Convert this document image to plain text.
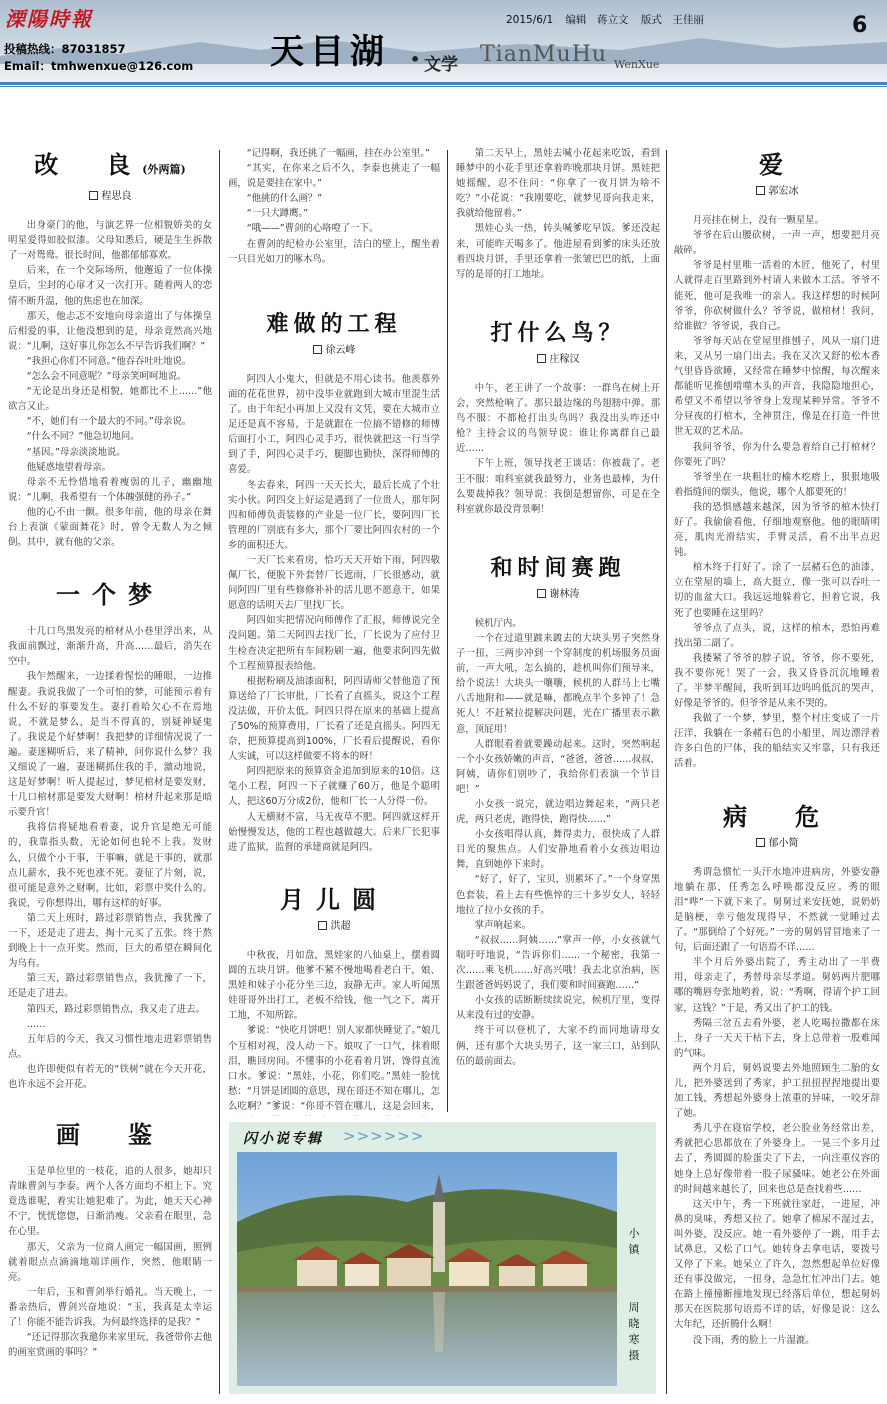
溧陽時報
投稿热线：87031857
Email：tmhwenxue@126.com
2015/6/1 编辑　蒋立文 版式　王佳丽	6
天目湖 • 文学 TianMuHu WenXue
改　良(外两篇)
程思良

出身豪门的他，与演艺界一位相貌娇美的女明星爱得如胶似漆。父母知悉后，硬是生生拆散了一对鸳鸯。很长时间，他都郁郁寡欢。

后来，在一个交际场所，他邂逅了一位体操皇后，尘封的心扉才又一次打开。随着两人的恋情不断升温，他的焦虑也在加深。

那天，他忐忑不安地向母亲道出了与体操皇后相爱的事，让他没想到的是，母亲竟然高兴地说：“儿啊，这好事儿你怎么不早告诉我们啊？”

“我担心你们不同意。”他吞吞吐吐地说。

“怎么会不同意呢？”母亲笑呵呵地说。

“无论是出身还是相貌，她都比不上……”他欲言又止。

“不，她们有一个最大的不同。”母亲说。

“什么不同？”他急切地问。

“基因。”母亲淡淡地说。

他疑惑地望着母亲。

母亲不无怜惜地看着瘦弱的儿子，幽幽地说：“儿啊，我希望有一个体魄强健的孙子。”

他的心不由一颤。很多年前，他的母亲在舞台上表演《蒙面舞花》时，曾令无数人为之倾倒。其中，就有他的父亲。

一个梦

十几口鸟黑发亮的棺材从小巷里浮出来，从我面前飘过，渐渐升高，升高……最后，消失在空中。

我乍然醒来，一边揉着惺忪的睡眼，一边推醒妻。我说我做了一个可怕的梦，可能预示着有什么不好的事要发生。妻打着哈欠心不在焉地说，不就是梦么，是当不得真的，别疑神疑鬼了。我说是个好梦啊！我把梦的详细情况说了一遍。妻迷糊听后，来了精神，问你说什么梦？我又细说了一遍，妻迷糊抓住我的手，激动地说，这是好梦啊！听人提起过，梦见棺材是要发财，十几口棺材那是要发大财啊！棺材升起来那是暗示要升官！

我将信将疑地看着妻，说升官是绝无可能的，我靠指头数，无论如何也轮不上我。发财么，只做个小干事，干事嘛，就是干事的，就那点儿薪水，我不死也涨不死。妻征了片刻，说，很可能是意外之财啊，比如，彩票中奖什么的。我说，亏你想得出，哪有这样的好事。

第二天上班时，路过彩票销售点，我犹豫了一下，还是走了进去，掏十元买了五张。终于熬到晚上十一点开奖。然而，巨大的希望在瞬间化为乌有。

第三天，路过彩票销售点，我犹豫了一下，还是走了进去。

第四天，路过彩票销售点，我又走了进去。

……

五年后的今天，我又习惯性地走进彩票销售点。

也许即便似有若无的“铁树”就在今天开花，也许永远不会开花。

画　鉴

玉是单位里的一枝花，追的人很多，她却只青睐曹剑与李泰。两个人各方面均不相上下。究竟选谁呢，着实让她犯难了。为此，她天天心神不宁，恍恍惚惚，日渐消瘦。父亲看在眼里，急在心里。

那天，父亲为一位商人画完一幅国画，照例就着眼点点滴滴地端详画作，突然，他眼睛一亮。

一年后，玉和曹剑举行婚礼。当天晚上，一番亲热后，曹剑兴奋地说：“玉，我真是太幸运了！你能不能告诉我，为何最终选择的是我？”

“还记得那次我邀你来家里玩，我爸带你去他的画室赏画的事吗？”

“记得啊，我还挑了一幅画，挂在办公室里。”

“其实，在你来之后不久，李泰也挑走了一幅画，说是要挂在家中。”

“他挑的什么画？”

“一只大蹲鹰。”

“哦——”曹剑的心咯噔了一下。

在曹剑的纪检办公室里，洁白的壁上，醒坐着一只目光如刀的啄木鸟。

难做的工程
徐云峰

阿四人小鬼大，但就是不用心读书。他羡慕外面的花花世界，初中没毕业就跑到大城市里混生活了。由于年纪小再加上又没有文凭，要在大城市立足还是真不容易，于是就跟在一位搞不错修的师傅后面打小工，阿四心灵手巧，很快就把这一行当学到了手，阿四心灵手巧，腿脚也勤快，深得师傅的喜爱。

冬去春来，阿四一天天长大，最后长成了个壮实小伙。阿四交上好运是遇到了一位贵人，那年阿四和师傅负责装修的产业是一位厂长，要阿四厂长管理的厂别底有多大，那个厂要比阿四农村的一个乡的面积还大。

一天厂长来看房，恰巧天天开始下雨，阿四敬佩厂长，便脱下外套替厂长遮雨，厂长很感动，就问阿四厂里有些修修补补的活儿愿不愿意干，如果愿意的话明天去厂里找厂长。

阿四如实把情况向师傅作了汇报，师傅说完全没问题。第二天阿四去找厂长，厂长说为了应付卫生检查决定把所有车间粉刷一遍，他要求阿四先做个工程预算报表给他。

根据粉刷及油漆面积，阿四请师父替他造了预算送给了厂长审批，厂长看了直摇头，说这个工程没法做，开价太低。阿四只得在原来的基础上提高了50%的预算费用，厂长看了还是直摇头。阿四无奈，把预算提高到100%，厂长看后提醒说，看你人实诚，可以这样做要不将本的呀！

阿四把原来的预算资金追加到原来的10倍。这笔小工程，阿四一下子就赚了60万，他是个聪明人，把这60万分成2份，他和厂长一人分得一份。

人无横财不富，马无夜草不肥。阿四就这样开始慢慢发达，他的工程也越做越大。后来厂长犯事进了监狱，监督的承建商就是阿四。

月儿圆
洪超

中秋夜，月如盘，黑娃家的八仙桌上，摆着圆圆的五块月饼。他爹不紧不慢地喝着老白干，娘、黑娃和妹子小花分坐三边，寂静无声。家人听闻黑娃哥哥外出打工，老板不给钱，他一气之下，离开工地，不知所踪。

爹说：“快吃月饼吧！别人家都快睡觉了。”娘几个互相对视，没人动一下。娘叹了一口气，抹着眼泪，瞧回房间。不懂事的小花看着月饼，馋得直流口水。爹说：“黑娃，小花，你们吃。”黑娃一脸忧愁：“月饼是团圆的意思，现在哥还不知在哪儿，怎么吃啊？”爹说：“你哥不管在哪儿，这是会回来，

第二天早上，黑娃去喊小花起来吃饭，看到睡梦中的小花手里还拿着昨晚那块月饼。黑娃把她摇醒，忍不住问：“你拿了一夜月饼为啥不吃？”小花说：“我刚要吃，就梦见哥向我走来，我就给他留着。”

黑娃心头一热，转头喊爹吃早饭。爹还没起来，可能昨天喝多了。他进屋看到爹的床头还放着四块月饼，手里还拿着一张皱巴巴的纸，上面写的是哥的打工地址。

打什么鸟？
庄稼汉

中午，老王讲了一个故事：一群鸟在树上开会，突然枪响了。那只最边缘的鸟翅膀中弹。那鸟不服：不都枪打出头鸟吗？我没出头咋还中枪？主持会议的鸟领导说：谁让你离群自己最近……

下午上班，领导找老王谈话：你被裁了。老王不服：咱科室就我最努力，业务也最棒，为什么要裁掉我？领导说：我倒是想留你，可是在全科室就你最没背景啊！

和时间赛跑
谢林涛

候机厅内。

一个在过道里踱来踱去的大块头男子突然身子一扭，三两步冲到一个穿制度的机场服务员面前，一声大吼，怎么搞的，趁机叫你们预导来，给个说法！大块头一嚷嚷，候机的人群马上七嘴八舌地附和——就是嘛，都晚点半个多钟了！急死人！不赶紧拉提解决问题，光在广播里表示歉意，顶屁用！

人群眼看着就要躁动起来。这时，突然响起一个小女孩娇嫩的声音，“爸爸，爸爸……叔叔，阿姨，请你们别吵了，我给你们表演一个节目吧！”

小女孩一说完，就边唱边舞起来，“两只老虎，两只老虎，跑得快，跑得快……”

小女孩唱得认真，舞得卖力，很快成了人群目光的聚焦点。人们安静地看着小女孩边唱边舞，直到她停下来时。

“好了，好了，宝贝，别累坏了。”一个身穿黑色套装，看上去有些憔悴的三十多岁女人，轻轻地拉了拉小女孩的手。

掌声响起来。

“叔叔……阿姨……”掌声一停，小女孩就气喘吁吁地说，“告诉你们……一个秘密，我第一次……乘飞机……好高兴哦！我去北京治病，医生跟爸爸妈妈说了，我们要和时间赛跑……”

小女孩的话断断续续说完，候机厅里，变得从来没有过的安静。

终于可以登机了，大家不约而同地请母女俩，还有那个大块头男子，这一家三口，站到队伍的最前面去。

爱
郭宏冰

月亮挂在树上，没有一颗星星。

爷爷在后山腰砍树，一声一声，想要把月亮敲碎。

爷爷是村里唯一活着的木匠，他死了，村里人就得走百里路到外村请人来做木工活。爷爷不能死，他可是我唯一的亲人。我这样想的时候阿爷爷，你砍树做什么？爷爷说，做棺材！我问，给谁做？爷爷说，我自己。

爷爷每天站在堂屋里推刨子，风从一扇门进来，又从另一扇门出去。我在又次又舒的松木香气里昏昏欲睡，又经常在睡梦中惊醒，每次醒来都能听见推刨啃噬木头的声音，我隐隐地担心，希望又不希望以爷爷身上发现某种异常。爷爷不分昼夜的打棺木，全神贯注，像是在打造一件世世无双的艺术品。

我问爷爷，你为什么要急着给自己打棺材？你要死了吗？

爷爷坐在一块粗壮的榆木疙瘩上，狠狠地吸着指缝间的烟头，他说，哪个人都要死的！

我的恐惧感越来越深，因为爷爷的棺木快打好了。我偷偷看他，仔细地观察他。他的眼睛明亮，肌肉光滑结实，手臂灵活，看不出半点迟钝。

棺木终于打好了。涂了一层赭石色的油漆，立在堂屋的墙上，高大挺立，像一张可以吞吐一切的血盆大口。我远远地躲着它，担着它说，我死了也要睡在这里吗？

爷爷点了点头，说，这样的棺木，恐怕再难找出第二副了。

我搂紧了爷爷的脖子说，爷爷，你不要死，我不要你死！哭了一会，我又昏昏沉沉地睡着了。半梦半醒间，我听到耳边呜呜低沉的哭声，好像是爷爷的。但爷爷是从来不哭的。

我做了一个梦，梦里，整个村庄变成了一片汪洋，我躺在一条赭石色的小船里，周边漂浮着许多白色的尸体，我的船结实又牢靠，只有我还活着。

病　危
郁小简

秀谓急惯忙一头汗水地冲进病房，外婆安静地躺在那，任秀怎么呼唤都没反应。秀的眼泪“哗”一下就下来了。舅舅过来安抚她，说奶奶是脑梗，幸亏他发现得早，不然就一觉睡过去了。“那倒给了个好死。”一旁的舅妈冒冒地来了一句，后面还跟了一句语焉不详……

半个月后外婆出院了，秀主动出了一半费用，母亲走了，秀替母亲尽孝道。舅妈两片肥哪哪的嘴唇夸张地哟着，说：“秀啊，得请个护工回家，这钱？”于是，秀又出了护工的钱。

秀隔三岔五去看外婆，老人吃喝拉撒都在床上，身子一天天干枯下去，身上总带着一股难闻的气味。

两个月后，舅妈说要去外地照顾生二胎的女儿，把外婆送到了秀家，护工扭扭捏捏地提出要加工钱，秀想起外婆身上浓重的异味，一咬牙辞了她。

秀几乎在寝宿学校，老公脸业务经常出差，秀就把心思都放在了外婆身上。一晃三个多月过去了，秀圆圆的脸蛋尖了下去，一向注重仪容的她身上总好像带着一股子尿骚味。她老公在外面的时间越来越长了，回来也总是查找着些……

这天中午，秀一下班就往家赶，一进屋，冲鼻的臭味，秀想又拉了。她拿了棉尿不湿过去，叫外婆，没反应。她一看外婆停了一跳，用手去试鼻息，又松了口气。她转身去拿电话，要拨号又停了下来。她呆立了许久，忽然想起单位好像还有事没做完，一扭身，急急忙忙冲出门去。她在路上撞撞断撞地发现已经落后单位，想起舅妈那天在医院那句语焉不详的话，好像是说：这么大年纪，还折腾什么啊！

没下雨，秀的脸上一片湿漉。

闪小说专辑 >>>>>>
小
镇
周
晓
寒
摄
